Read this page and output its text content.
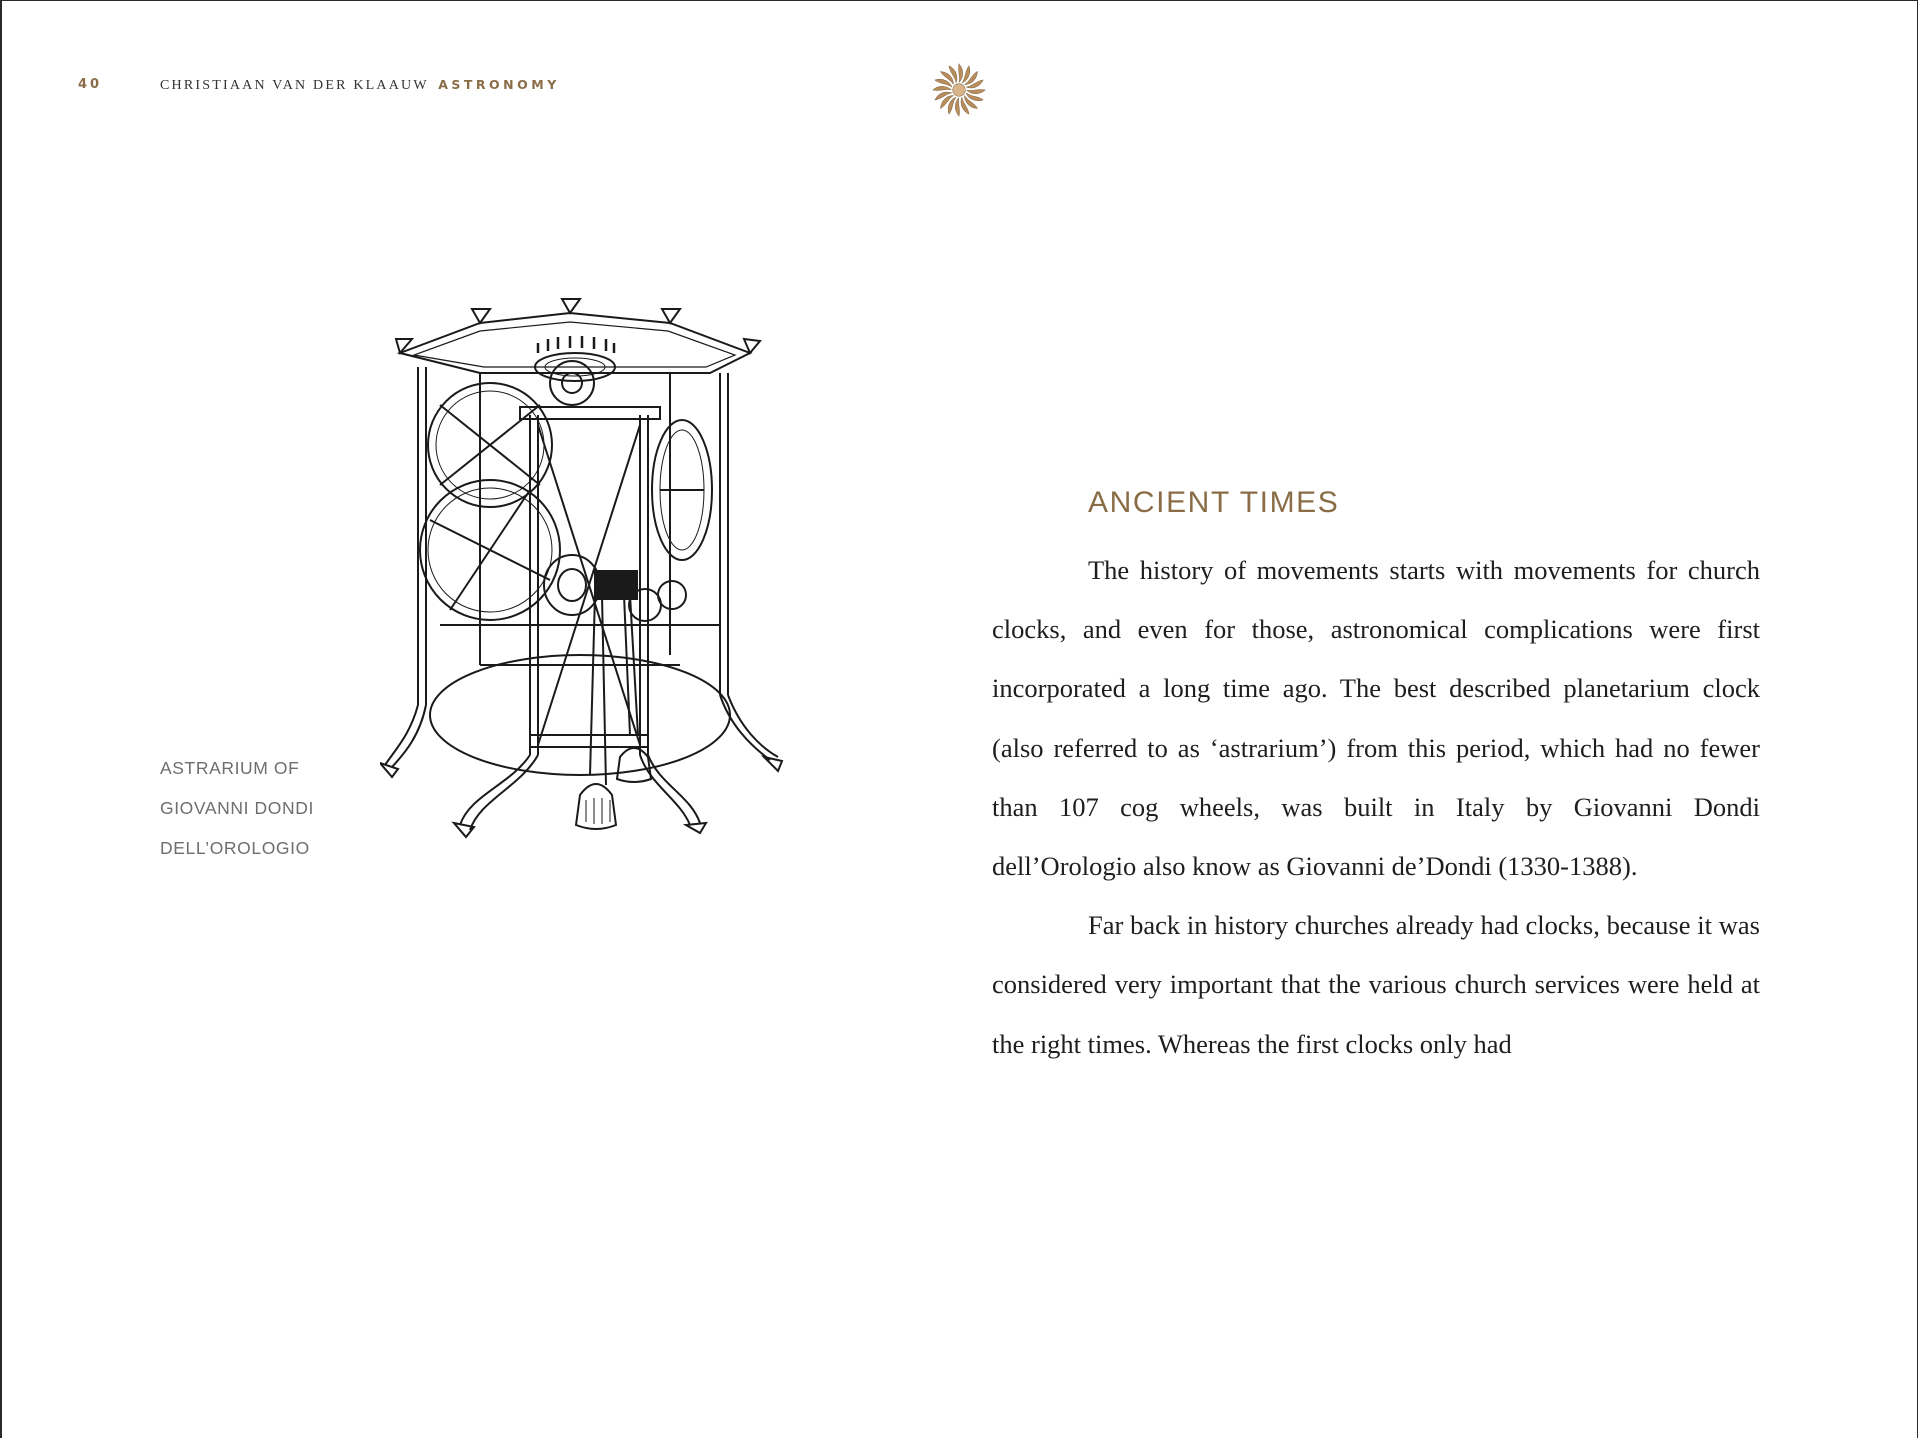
40	CHRISTIAAN VAN DER KLAAUW ASTRONOMY
ASTRARIUM OF
GIOVANNI DONDI
DELL’OROLOGIO
ANCIENT TIMES

The history of movements starts with movements for church clocks, and even for those, astronomical complications were first incorporated a long time ago. The best described planetarium clock (also referred to as ‘astrarium’) from this period, which had no fewer than 107 cog wheels, was built in Italy by Giovanni Dondi dell’Orologio also know as Giovanni de’Dondi (1330-1388).

Far back in history churches already had clocks, because it was considered very important that the various church services were held at the right times. Whereas the first clocks only had
